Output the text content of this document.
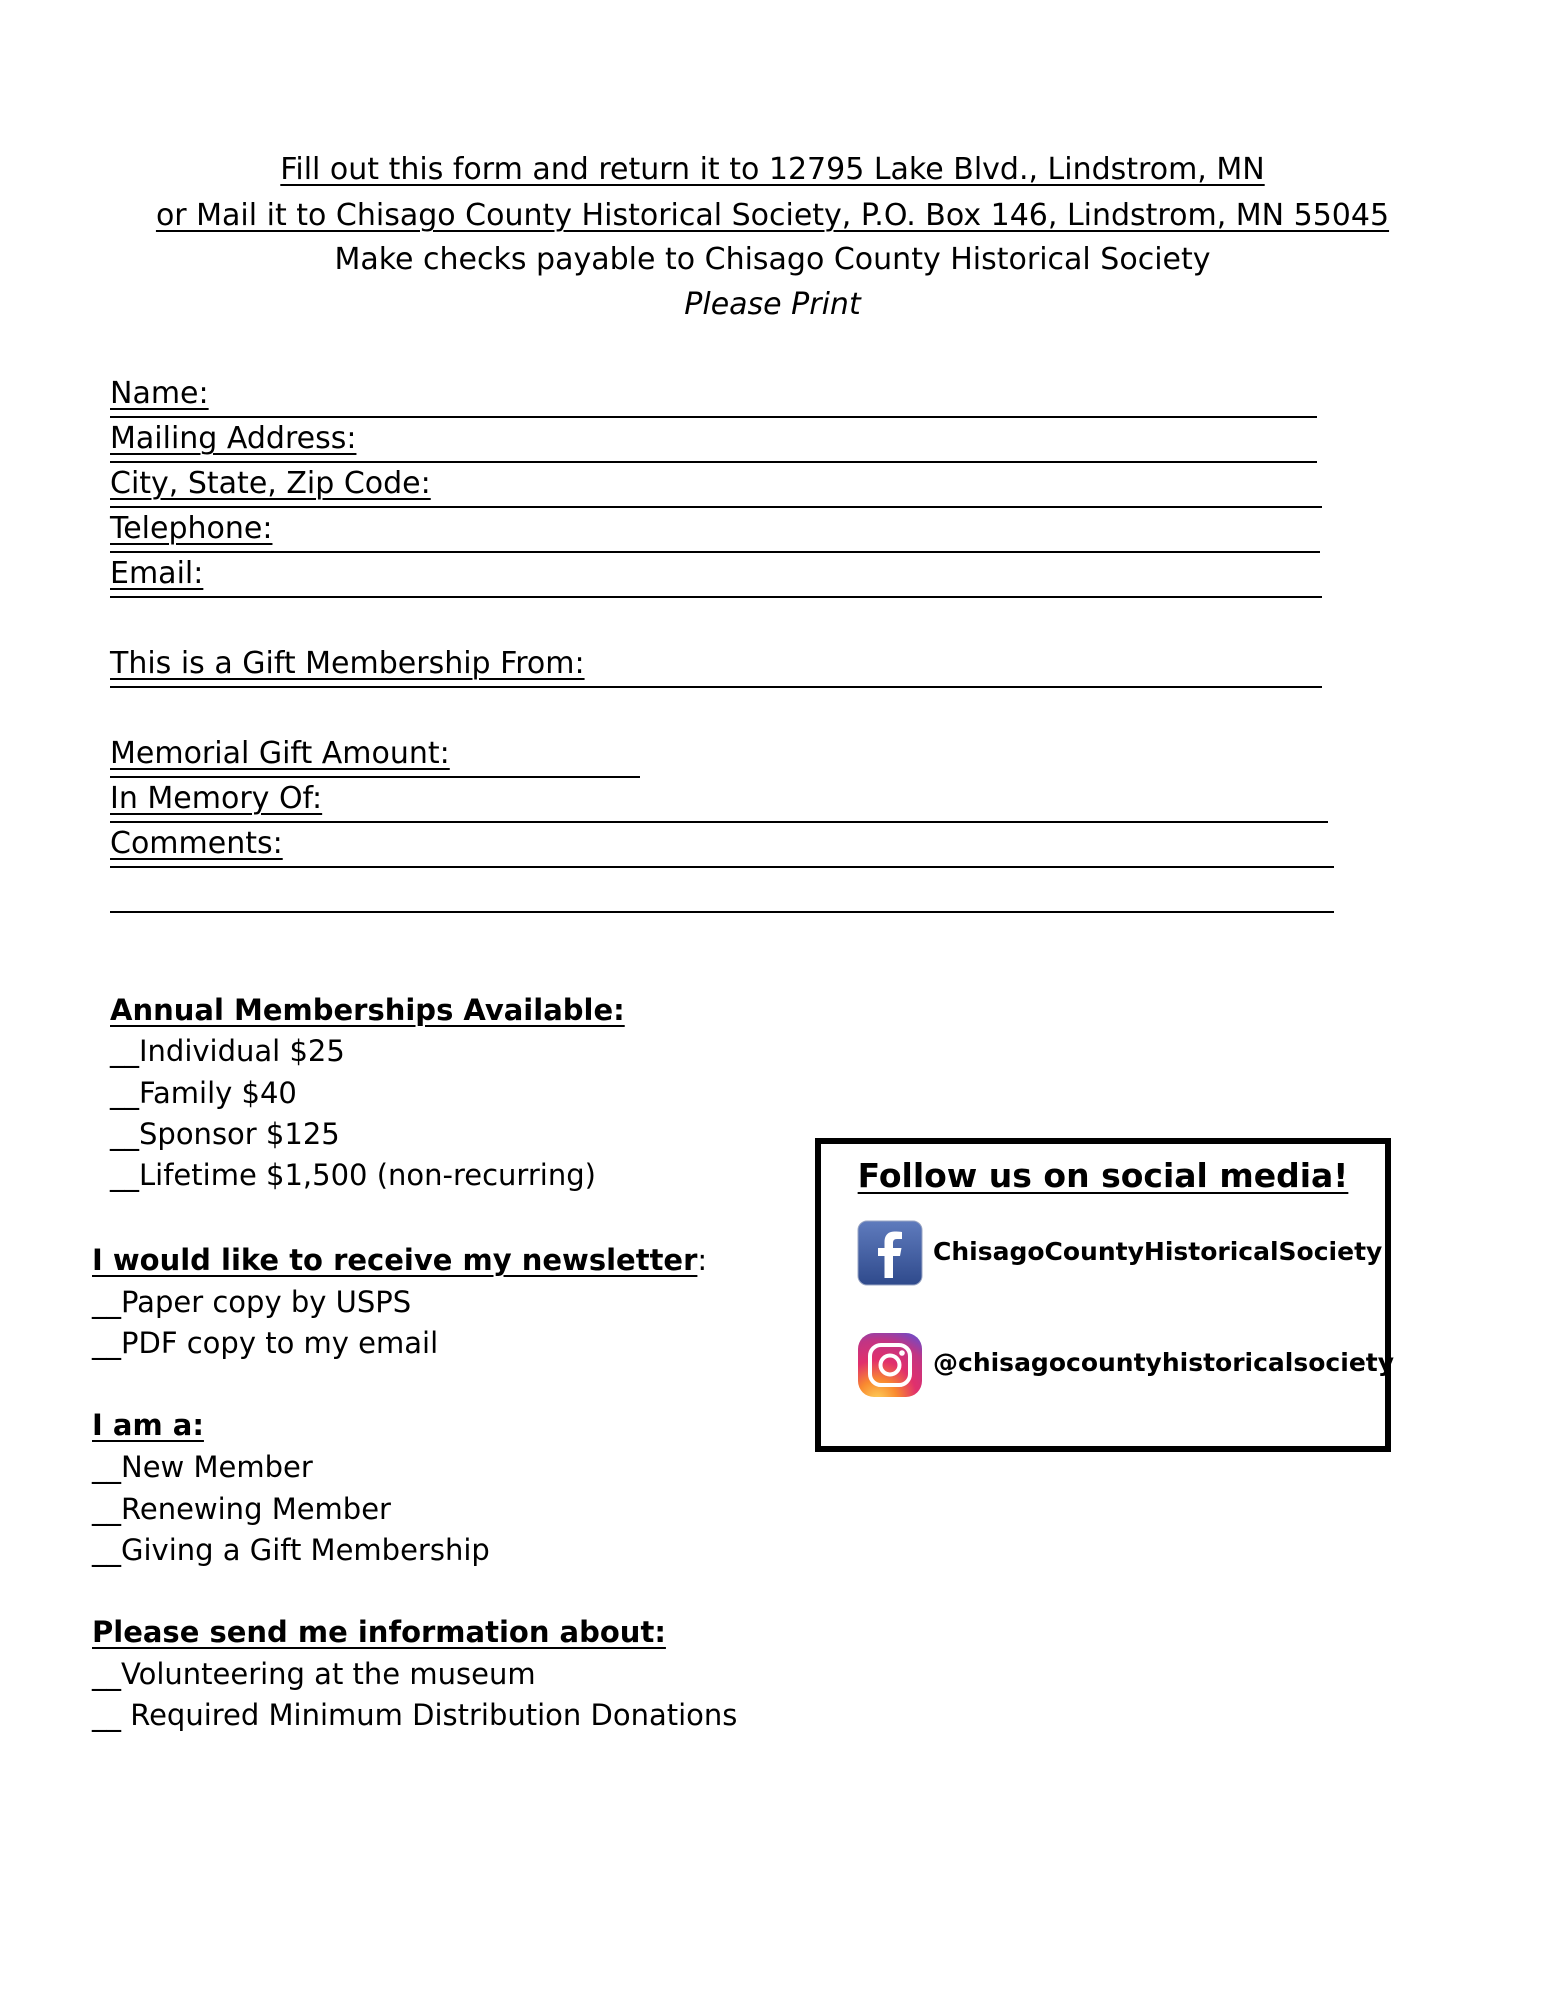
Fill out this form and return it to 12795 Lake Blvd., Lindstrom, MN
or Mail it to Chisago County Historical Society, P.O. Box 146, Lindstrom, MN 55045
Make checks payable to Chisago County Historical Society
Please Print
Name:
Mailing Address:
City, State, Zip Code:
Telephone:
Email:
This is a Gift Membership From:
Memorial Gift Amount:
In Memory Of:
Comments:
Annual Memberships Available:
__Individual $25
__Family $40
__Sponsor $125
__Lifetime $1,500 (non-recurring)
I would like to receive my newsletter:
__Paper copy by USPS
__PDF copy to my email
I am a:
__New Member
__Renewing Member
__Giving a Gift Membership
Please send me information about:
__Volunteering at the museum
__ Required Minimum Distribution Donations
Follow us on social media!
ChisagoCountyHistoricalSociety
@chisagocountyhistoricalsociety
